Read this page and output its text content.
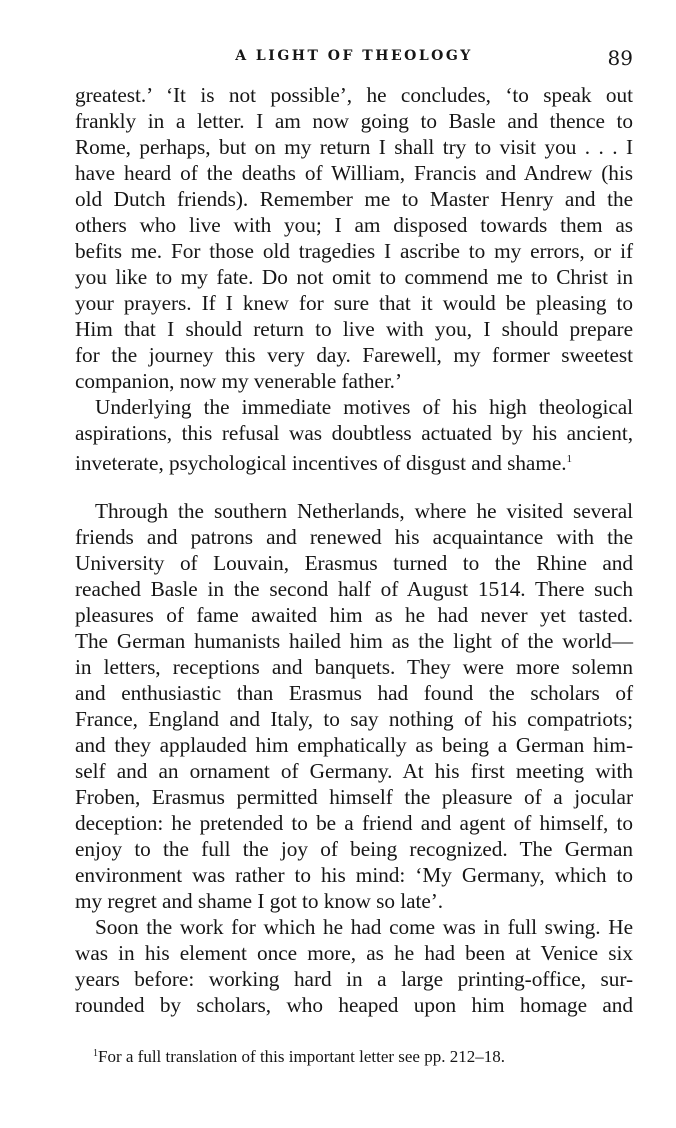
A LIGHT OF THEOLOGY	89
greatest.’ ‘It is not possible’, he concludes, ‘to speak out
frankly in a letter. I am now going to Basle and thence to
Rome, perhaps, but on my return I shall try to visit you . . . I
have heard of the deaths of William, Francis and Andrew (his
old Dutch friends). Remember me to Master Henry and the
others who live with you; I am disposed towards them as
befits me. For those old tragedies I ascribe to my errors, or if
you like to my fate. Do not omit to commend me to Christ in
your prayers. If I knew for sure that it would be pleasing to
Him that I should return to live with you, I should prepare
for the journey this very day. Farewell, my former sweetest
companion, now my venerable father.’
Underlying the immediate motives of his high theological
aspirations, this refusal was doubtless actuated by his ancient,
inveterate, psychological incentives of disgust and shame.$^1$
Through the southern Netherlands, where he visited several
friends and patrons and renewed his acquaintance with the
University of Louvain, Erasmus turned to the Rhine and
reached Basle in the second half of August 1514. There such
pleasures of fame awaited him as he had never yet tasted.
The German humanists hailed him as the light of the world—
in letters, receptions and banquets. They were more solemn
and enthusiastic than Erasmus had found the scholars of
France, England and Italy, to say nothing of his compatriots;
and they applauded him emphatically as being a German him-
self and an ornament of Germany. At his first meeting with
Froben, Erasmus permitted himself the pleasure of a jocular
deception: he pretended to be a friend and agent of himself, to
enjoy to the full the joy of being recognized. The German
environment was rather to his mind: ‘My Germany, which to
my regret and shame I got to know so late’.
Soon the work for which he had come was in full swing. He
was in his element once more, as he had been at Venice six
years before: working hard in a large printing-office, sur-
rounded by scholars, who heaped upon him homage and
$^1$For a full translation of this important letter see pp. 212–18.
